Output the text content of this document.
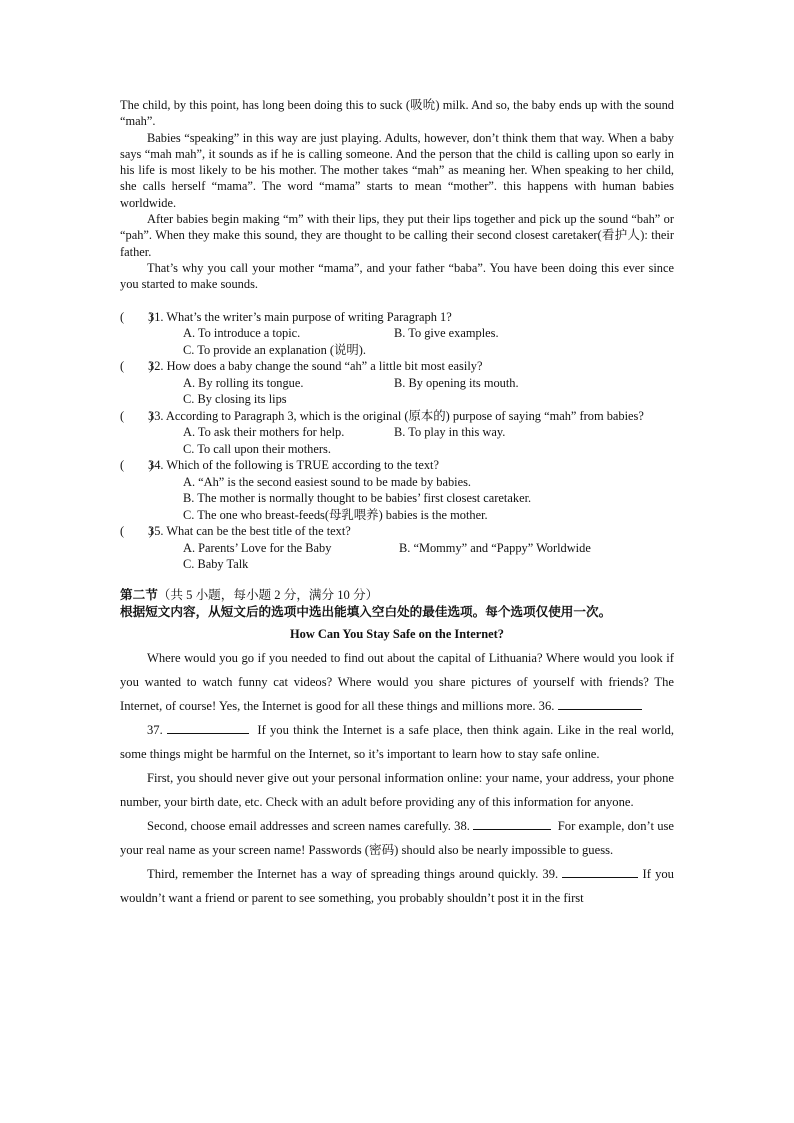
The child, by this point, has long been doing this to suck (吸吮) milk. And so, the baby ends up with the sound “mah”.

Babies “speaking” in this way are just playing. Adults, however, don’t think them that way. When a baby says “mah mah”, it sounds as if he is calling someone. And the person that the child is calling upon so early in his life is most likely to be his mother. The mother takes “mah” as meaning her. When speaking to her child, she calls herself “mama”. The word “mama” starts to mean “mother”. this happens with human babies worldwide.

After babies begin making “m” with their lips, they put their lips together and pick up the sound “bah” or “pah”. When they make this sound, they are thought to be calling their second closest caretaker(看护人): their father.

That’s why you call your mother “mama”, and your father “baba”. You have been doing this ever since you started to make sounds.

(        )
31. What’s the writer’s main purpose of writing Paragraph 1?
A. To introduce a topic.	B. To give examples.
C. To provide an explanation (说明).
(        )
32. How does a baby change the sound “ah” a little bit most easily?
A. By rolling its tongue.	B. By opening its mouth.
C. By closing its lips
(        )
33. According to Paragraph 3, which is the original (原本的) purpose of saying “mah” from babies?
A. To ask their mothers for help.	B. To play in this way.
C. To call upon their mothers.
(        )
34. Which of the following is TRUE according to the text?
A. “Ah” is the second easiest sound to be made by babies.
B. The mother is normally thought to be babies’ first closest caretaker.
C. The one who breast-feeds(母乳喂养) babies is the mother.
(        )
35. What can be the best title of the text?
A. Parents’ Love for the Baby	B. “Mommy” and “Pappy” Worldwide
C. Baby Talk
第二节（共 5 小题，每小题 2 分，满分 10 分）
根据短文内容，从短文后的选项中选出能填入空白处的最佳选项。每个选项仅使用一次。
How Can You Stay Safe on the Internet?

Where would you go if you needed to find out about the capital of Lithuania? Where would you look if you wanted to watch funny cat videos? Where would you share pictures of yourself with friends? The Internet, of course! Yes, the Internet is good for all these things and millions more. 36.

37.	If you think the Internet is a safe place, then think again. Like in the real world, some things might be harmful on the Internet, so it’s important to learn how to stay safe online.

First, you should never give out your personal information online: your name, your address, your phone number, your birth date, etc. Check with an adult before providing any of this information for anyone.

Second, choose email addresses and screen names carefully. 38.	For example, don’t use your real name as your screen name! Passwords (密码) should also be nearly impossible to guess.

Third, remember the Internet has a way of spreading things around quickly. 39.	If you wouldn’t want a friend or parent to see something, you probably shouldn’t post it in the first
